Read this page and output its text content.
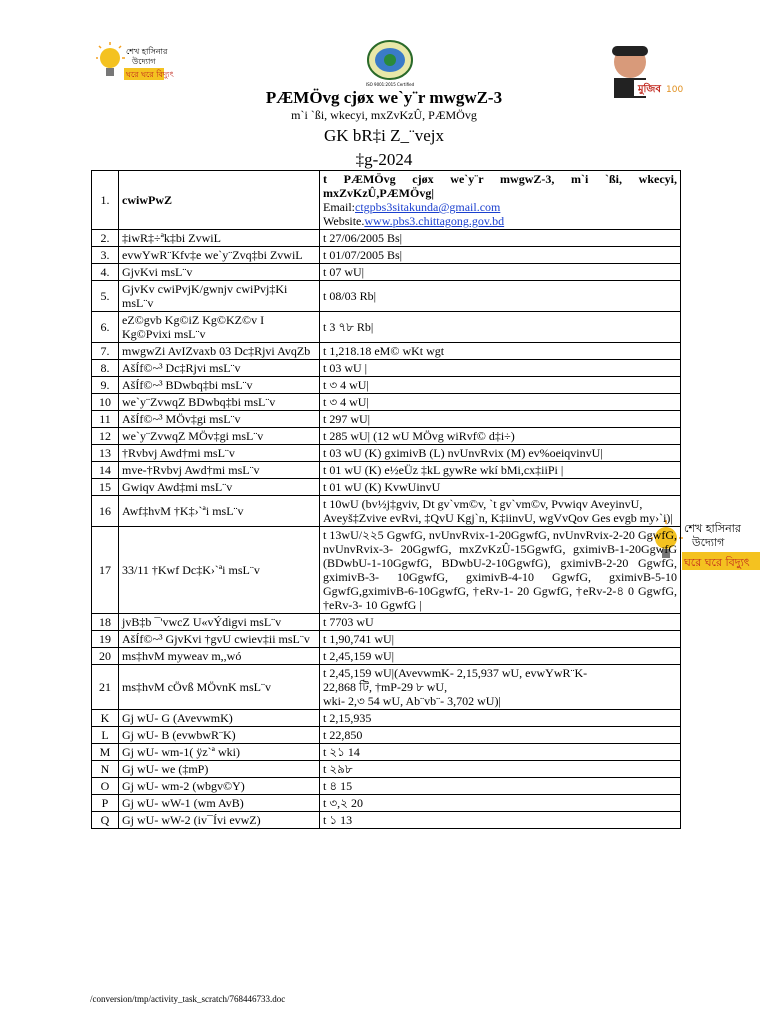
শেখ হাসিনার
উদ্যোগ
ঘরে ঘরে বিদ্যুৎ
ISO 9001:2015 Certified	মুজিব 100
শেখ হাসিনার
উদ্যোগ
ঘরে ঘরে বিদ্যুৎ
PÆMÖvg cjøx we`y¨r mwgwZ-3
m`i `ßi, wkecyi, mxZvKzÛ, PÆMÖvg
GK bR‡i Z_¨vejx
‡g-2024
1.	cwiwPwZ	t PÆMÖvg cjøx we`y¨r mwgwZ-3, m`i `ßi, wkecyi, mxZvKzÛ,PÆMÖvg|
Email:ctgpbs3sitakunda@gmail.com
Website.www.pbs3.chittagong.gov.bd

2.	‡iwR‡÷ªk‡bi ZvwiL	t 27/06/2005 Bs|
3.	evwYwR¨Kfv‡e we`y¨Zvq‡bi ZvwiL	t 01/07/2005 Bs|
4.	GjvKvi msL¨v	t 07 wU|
5.	GjvKv cwiPvjK/gwnjv cwiPvj‡Ki msL¨v	t 08/03 Rb|
6.	eZ©gvb Kg©iZ Kg©KZ©v I Kg©Pvixi msL¨v	t 3 ৭৮ Rb|
7.	mwgwZi AvIZvaxb 03 Dc‡Rjvi AvqZb	t 1,218.18 eM© wKt wgt
8.	AšÍf©~³ Dc‡Rjvi msL¨v	t 03 wU |
9.	AšÍf©~³ BDwbq‡bi msL¨v	t ৩ 4 wU|
10	we`y¨ZvwqZ BDwbq‡bi msL¨v	t ৩ 4 wU|
11	AšÍf©~³ MÖv‡gi msL¨v	t 297 wU|
12	we`y¨ZvwqZ MÖv‡gi msL¨v	t 285 wU| (12 wU MÖvg wiRvf© d‡i÷)
13	†Rvbvj Awd†mi msL¨v	t 03 wU (K) gximivB (L) nvUnvRvix (M) ev%oeiqvinvU|
14	mve-†Rvbvj Awd†mi msL¨v	t 01 wU (K) e½eÜz ‡kL gywRe wkí bMi,cx‡iiPi |
15	Gwiqv Awd‡mi msL¨v	t 01 wU (K) KvwUinvU
16	Awf‡hvM †K‡›`ªi msL¨v	t 10wU (bv½j‡gviv, Dt gv`vm©v, `t gv`vm©v, Pvwiqv AveyinvU,
Aveyš‡Zvive evRvi, ‡QvU Kgj`n, K‡iinvU, wgVvQov Ges evgb my›`i)|

17	33/11 †Kwf Dc‡K›`ªi msL¨v	t 13wU/২২5 GgwfG, nvUnvRvix-1-20GgwfG, nvUnvRvix-2-20 GgwfG, nvUnvRvix-3- 20GgwfG, mxZvKzÛ-15GgwfG, gximivB-1-20GgwfG (BDwbU-1-10GgwfG, BDwbU-2-10GgwfG), gximivB-2-20 GgwfG, gximivB-3- 10GgwfG, gximivB-4-10 GgwfG, gximivB-5-10 GgwfG,gximivB-6-10GgwfG, †eRv-1- 20 GgwfG, †eRv-2-৪ 0 GgwfG, †eRv-3- 10 GgwfG |

18	jvB‡b ¯'vwcZ U«vÝdigvi msL¨v	t 7703 wU
19	AšÍf©~³ GjvKvi †gvU cwiev‡ii msL¨v	t 1,90,741 wU|
20	ms‡hvM myweav m,,wó	t 2,45,159 wU|
21	ms‡hvM cÖvß MÖvnK msL¨v	t 2,45,159 wU|(AvevwmK- 2,15,937 wU, evwYwR¨K-
22,868 টি, †mP-29 ৮ wU,
wki- 2,৩ 54 wU, Ab¨vb¨- 3,702 wU)|

K	Gj wU- G (AvevwmK)	t 2,15,935
L	Gj wU- B (evwbwR¨K)	t 22,850
M	Gj wU- wm-1( ÿz`ª wki)	t ২১ 14
N	Gj wU- we (‡mP)	t ২৯৮
O	Gj wU- wm-2 (wbgv©Y)	t ৪ 15
P	Gj wU- wW-1 (wm AvB)	t ৩,২ 20
Q	Gj wU- wW-2 (iv¯Ívi evwZ)	t ১ 13
/conversion/tmp/activity_task_scratch/768446733.doc
